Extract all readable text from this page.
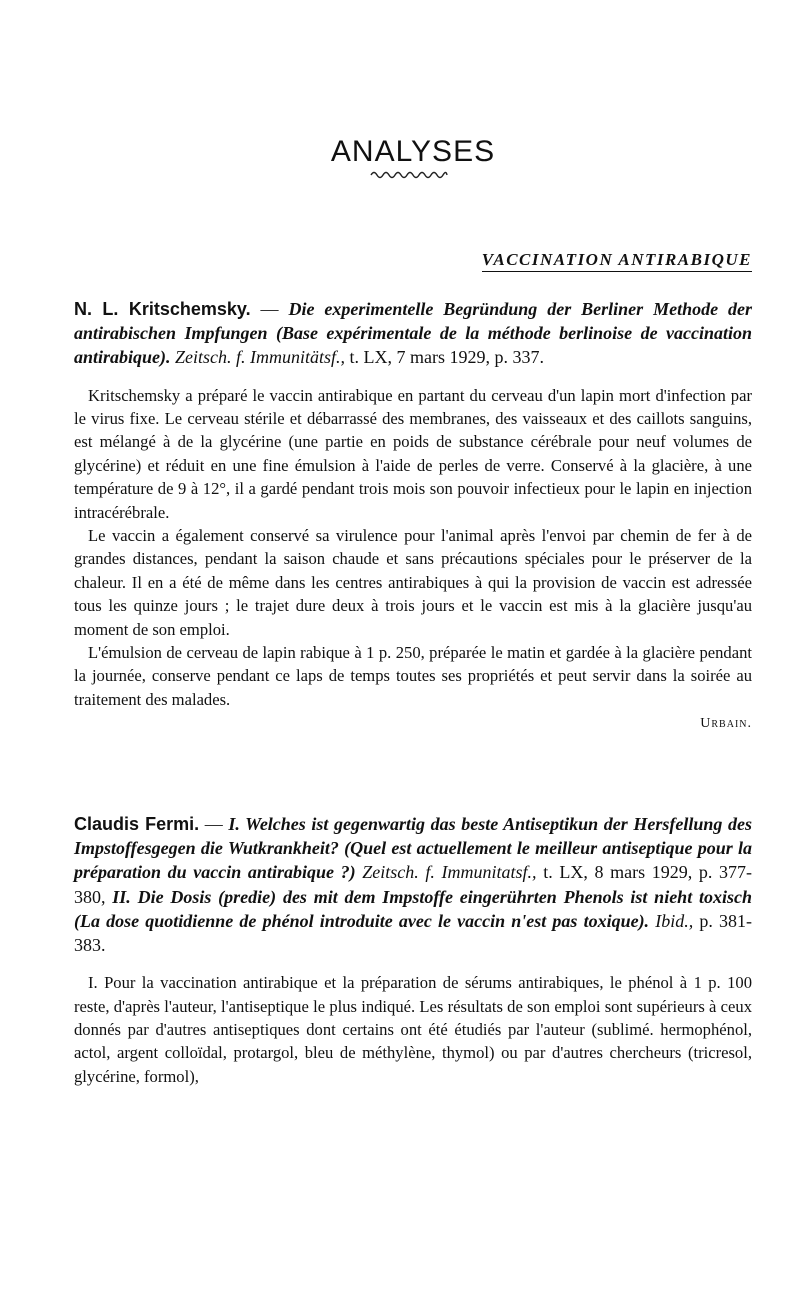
ANALYSES
VACCINATION ANTIRABIQUE
N. L. Kritschemsky. — Die experimentelle Begründung der Berliner Methode der antirabischen Impfungen (Base expérimentale de la méthode berlinoise de vaccination antirabique). Zeitsch. f. Immunitätsf., t. LX, 7 mars 1929, p. 337.

Kritschemsky a préparé le vaccin antirabique en partant du cerveau d'un lapin mort d'infection par le virus fixe. Le cerveau stérile et débarrassé des membranes, des vaisseaux et des caillots sanguins, est mélangé à de la glycérine (une partie en poids de substance cérébrale pour neuf volumes de glycérine) et réduit en une fine émulsion à l'aide de perles de verre. Conservé à la glacière, à une température de 9 à 12°, il a gardé pendant trois mois son pouvoir infectieux pour le lapin en injection intracérébrale.

Le vaccin a également conservé sa virulence pour l'animal après l'envoi par chemin de fer à de grandes distances, pendant la saison chaude et sans précautions spéciales pour le préserver de la chaleur. Il en a été de même dans les centres antirabiques à qui la provision de vaccin est adressée tous les quinze jours ; le trajet dure deux à trois jours et le vaccin est mis à la glacière jusqu'au moment de son emploi.

L'émulsion de cerveau de lapin rabique à 1 p. 250, préparée le matin et gardée à la glacière pendant la journée, conserve pendant ce laps de temps toutes ses propriétés et peut servir dans la soirée au traitement des malades.

Urbain.
Claudis Fermi. — I. Welches ist gegenwartig das beste Antiseptikun der Hersfellung des Impstoffesgegen die Wutkrankheit? (Quel est actuellement le meilleur antiseptique pour la préparation du vaccin antirabique ?) Zeitsch. f. Immunitatsf., t. LX, 8 mars 1929, p. 377-380, II. Die Dosis (predie) des mit dem Impstoffe eingerührten Phenols ist nieht toxisch (La dose quotidienne de phénol introduite avec le vaccin n'est pas toxique). Ibid., p. 381-383.

I. Pour la vaccination antirabique et la préparation de sérums antirabiques, le phénol à 1 p. 100 reste, d'après l'auteur, l'antiseptique le plus indiqué. Les résultats de son emploi sont supérieurs à ceux donnés par d'autres antiseptiques dont certains ont été étudiés par l'auteur (sublimé. hermophénol, actol, argent colloïdal, protargol, bleu de méthylène, thymol) ou par d'autres chercheurs (tricresol, glycérine, formol),
